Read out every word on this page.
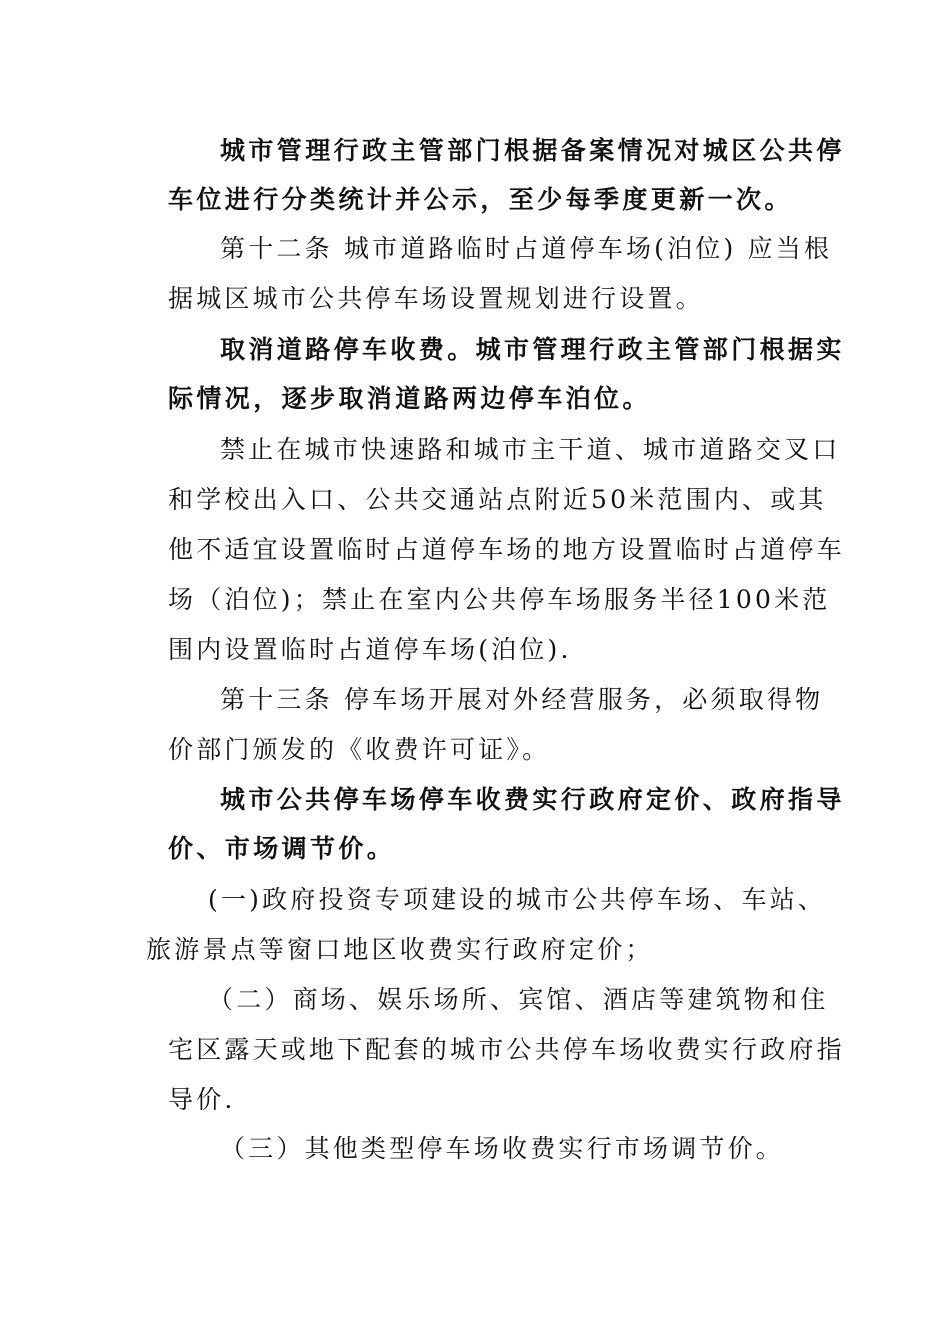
城市管理行政主管部门根据备案情况对城区公共停
车位进行分类统计并公示，至少每季度更新一次。
第十二条 城市道路临时占道停车场(泊位) 应当根
据城区城市公共停车场设置规划进行设置。
取消道路停车收费。城市管理行政主管部门根据实
际情况，逐步取消道路两边停车泊位。
禁止在城市快速路和城市主干道、城市道路交叉口
和学校出入口、公共交通站点附近50米范围内、或其
他不适宜设置临时占道停车场的地方设置临时占道停车
场（泊位)；禁止在室内公共停车场服务半径100米范
围内设置临时占道停车场(泊位).
第十三条 停车场开展对外经营服务，必须取得物
价部门颁发的《收费许可证》。
城市公共停车场停车收费实行政府定价、政府指导
价、市场调节价。
(一)政府投资专项建设的城市公共停车场、车站、
旅游景点等窗口地区收费实行政府定价；
（二）商场、娱乐场所、宾馆、酒店等建筑物和住
宅区露天或地下配套的城市公共停车场收费实行政府指
导价.
（三）其他类型停车场收费实行市场调节价。
